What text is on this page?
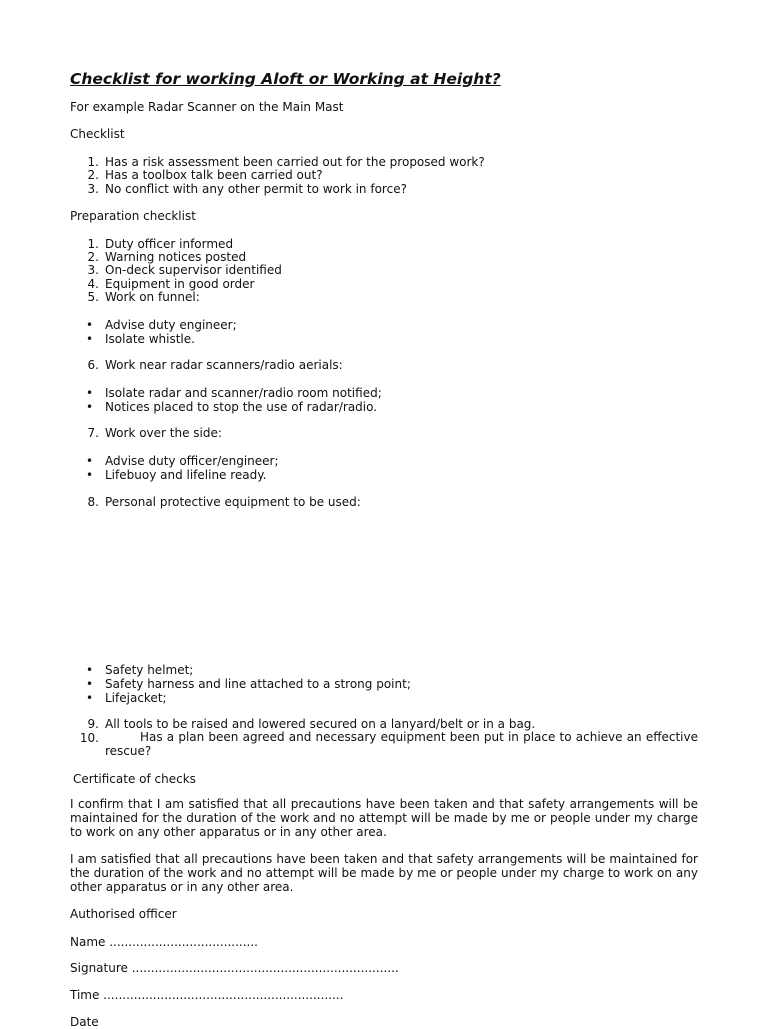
Checklist for working Aloft or Working at Height?
For example Radar Scanner on the Main Mast
Checklist
1. Has a risk assessment been carried out for the proposed work?
2. Has a toolbox talk been carried out?
3. No conflict with any other permit to work in force?
Preparation checklist
1. Duty officer informed
2. Warning notices posted
3. On-deck supervisor identified
4. Equipment in good order
5. Work on funnel:
• Advise duty engineer;
• Isolate whistle.
6. Work near radar scanners/radio aerials:
• Isolate radar and scanner/radio room notified;
• Notices placed to stop the use of radar/radio.
7. Work over the side:
• Advise duty officer/engineer;
• Lifebuoy and lifeline ready.
8. Personal protective equipment to be used:
• Safety helmet;
• Safety harness and line attached to a strong point;
• Lifejacket;
9. All tools to be raised and lowered secured on a lanyard/belt or in a bag.
10.	Has a plan been agreed and necessary equipment been put in place to achieve an effective rescue?
Certificate of checks
I confirm that I am satisfied that all precautions have been taken and that safety arrangements will be maintained for the duration of the work and no attempt will be made by me or people under my charge to work on any other apparatus or in any other area.
I am satisfied that all precautions have been taken and that safety arrangements will be maintained for the duration of the work and no attempt will be made by me or people under my charge to work on any other apparatus or in any other area.
Authorised officer
Name .......................................
Signature ......................................................................
Time ...............................................................
Date
